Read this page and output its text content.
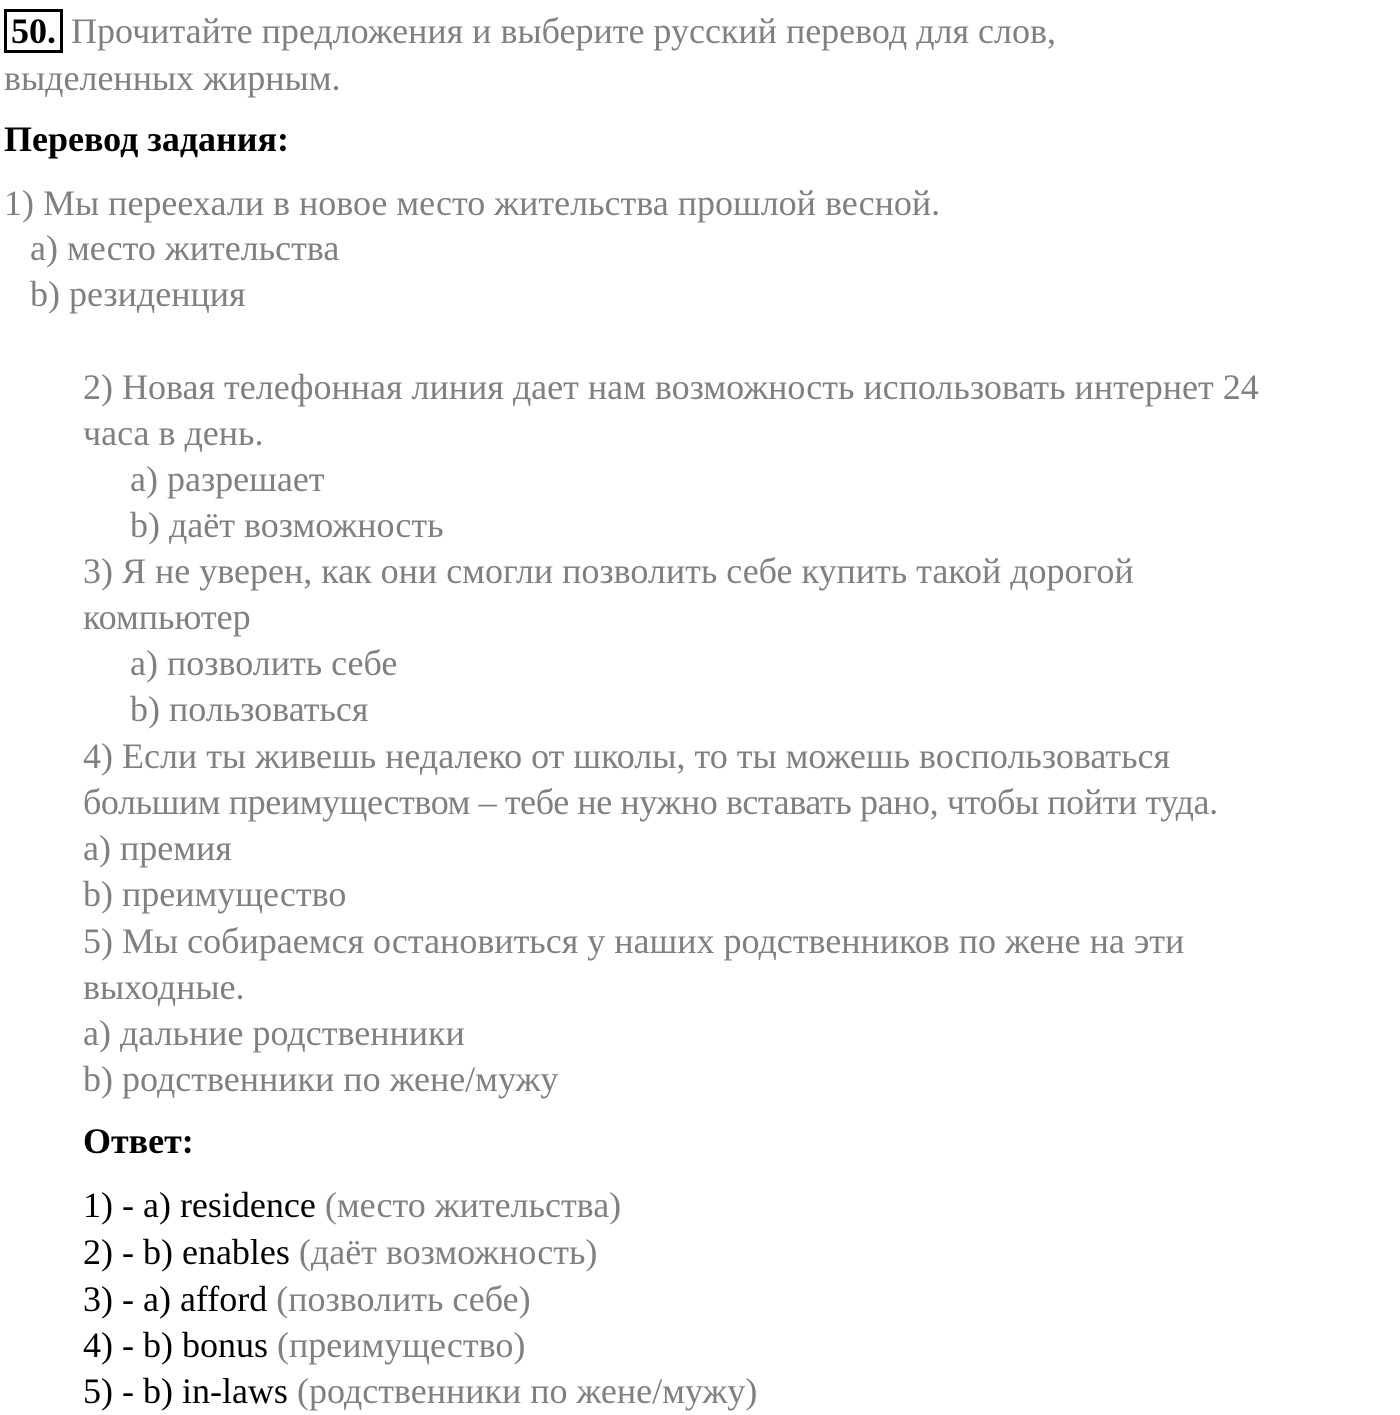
50. Прочитайте предложения и выберите русский перевод для слов,
выделенных жирным.
Перевод задания:
1) Мы переехали в новое место жительства прошлой весной.
a) место жительства
b) резиденция
2) Новая телефонная линия дает нам возможность использовать интернет 24
часа в день.
a) разрешает
b) даёт возможность
3) Я не уверен, как они смогли позволить себе купить такой дорогой
компьютер
a) позволить себе
b) пользоваться
4) Если ты живешь недалеко от школы, то ты можешь воспользоваться
большим преимуществом – тебе не нужно вставать рано, чтобы пойти туда.
a) премия
b) преимущество
5) Мы собираемся остановиться у наших родственников по жене на эти
выходные.
a) дальние родственники
b) родственники по жене/мужу
Ответ:
1) - a) residence (место жительства)
2) - b) enables (даёт возможность)
3) - a) afford (позволить себе)
4) - b) bonus (преимущество)
5) - b) in-laws (родственники по жене/мужу)
